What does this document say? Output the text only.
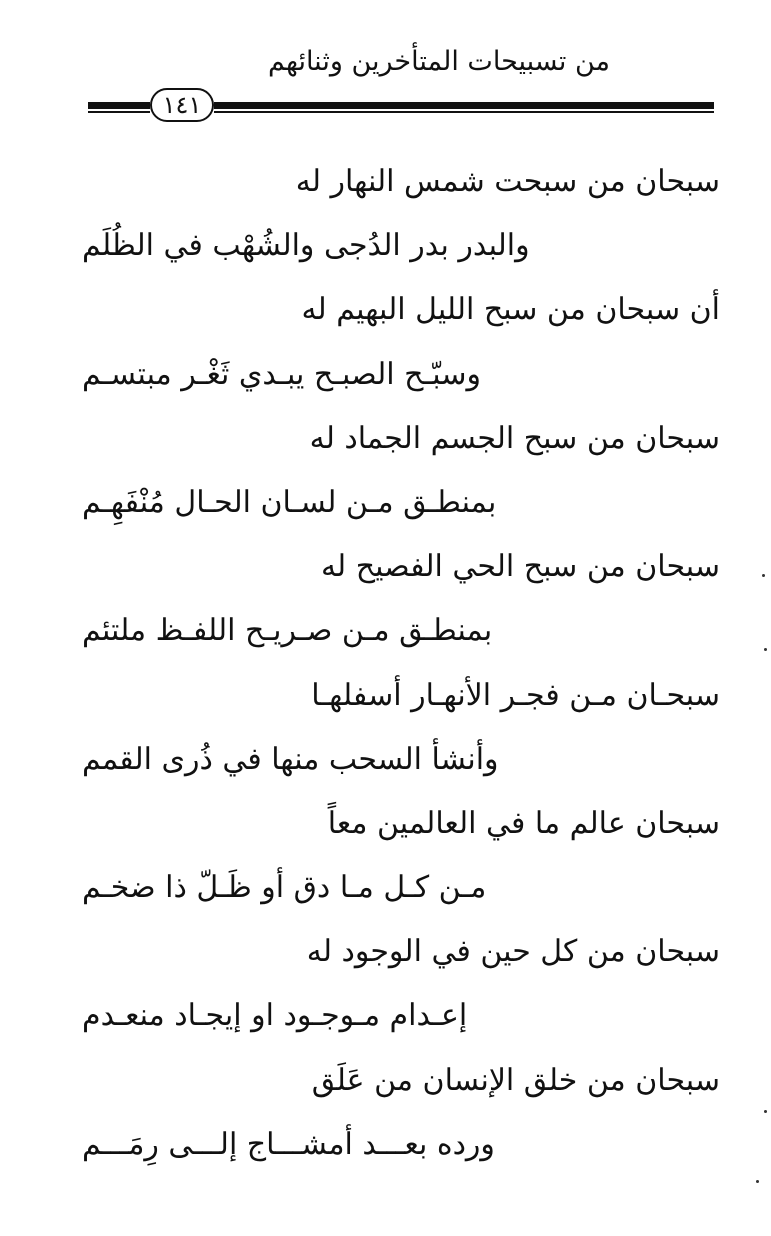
من تسبيحات المتأخرين وثنائهم
١٤١
سبحان من سبحت شمس النهار له
والبدر بدر الدُجى والشُهْب في الظُلَم
أن سبحان من سبح الليل البهيم له
وسبّـح الصبـح يبـدي ثَغْـر مبتسـم
سبحان من سبح الجسم الجماد له
بمنطـق مـن لسـان الحـال مُنْفَهِـم
سبحان من سبح الحي الفصيح له
بمنطـق مـن صـريـح اللفـظ ملتئم
سبحـان مـن فجـر الأنهـار أسفلهـا
وأنشأ السحب منها في ذُرى القمم
سبحان عالم ما في العالمين معاً
مـن كـل مـا دق أو ظَـلّ ذا ضخـم
سبحان من كل حين في الوجود له
إعـدام مـوجـود او إيجـاد منعـدم
سبحان من خلق الإنسان من عَلَق
ورده بعـــد أمشـــاج إلـــى رِمَـــم
